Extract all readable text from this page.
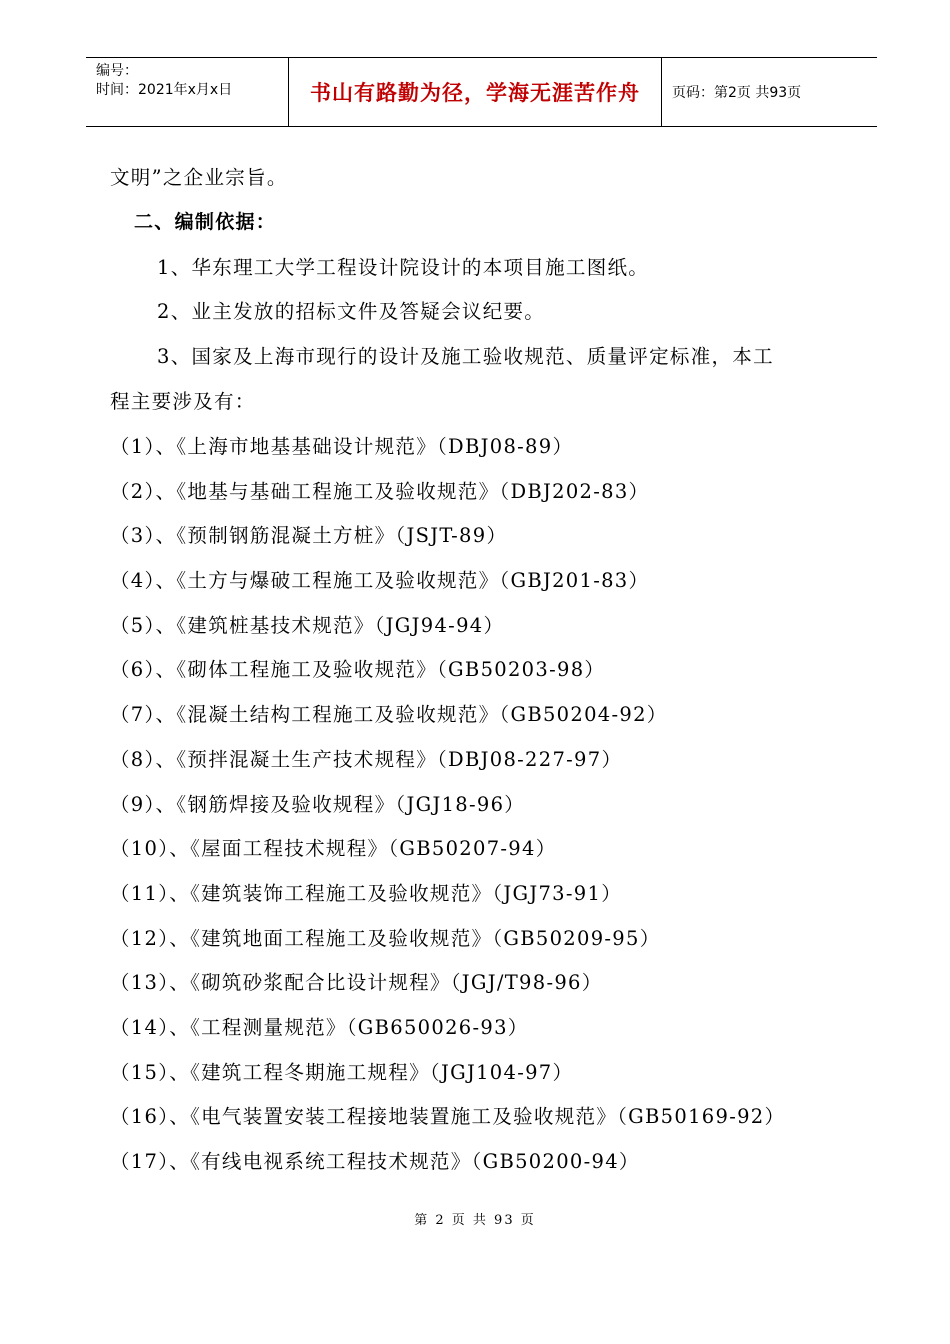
编号：
时间：2021年x月x日	书山有路勤为径，学海无涯苦作舟	页码：第2页 共93页
文明”之企业宗旨。
二、编制依据：
1、华东理工大学工程设计院设计的本项目施工图纸。
2、业主发放的招标文件及答疑会议纪要。
3、国家及上海市现行的设计及施工验收规范、质量评定标准，本工
程主要涉及有：
（1）、《上海市地基基础设计规范》（DBJ08-89）
（2）、《地基与基础工程施工及验收规范》（DBJ202-83）
（3）、《预制钢筋混凝土方桩》（JSJT-89）
（4）、《土方与爆破工程施工及验收规范》（GBJ201-83）
（5）、《建筑桩基技术规范》（JGJ94-94）
（6）、《砌体工程施工及验收规范》（GB50203-98）
（7）、《混凝土结构工程施工及验收规范》（GB50204-92）
（8）、《预拌混凝土生产技术规程》（DBJ08-227-97）
（9）、《钢筋焊接及验收规程》（JGJ18-96）
（10）、《屋面工程技术规程》（GB50207-94）
（11）、《建筑装饰工程施工及验收规范》（JGJ73-91）
（12）、《建筑地面工程施工及验收规范》（GB50209-95）
（13）、《砌筑砂浆配合比设计规程》（JGJ/T98-96）
（14）、《工程测量规范》（GB650026-93）
（15）、《建筑工程冬期施工规程》（JGJ104-97）
（16）、《电气装置安装工程接地装置施工及验收规范》（GB50169-92）
（17）、《有线电视系统工程技术规范》（GB50200-94）
第 2 页 共 93 页
